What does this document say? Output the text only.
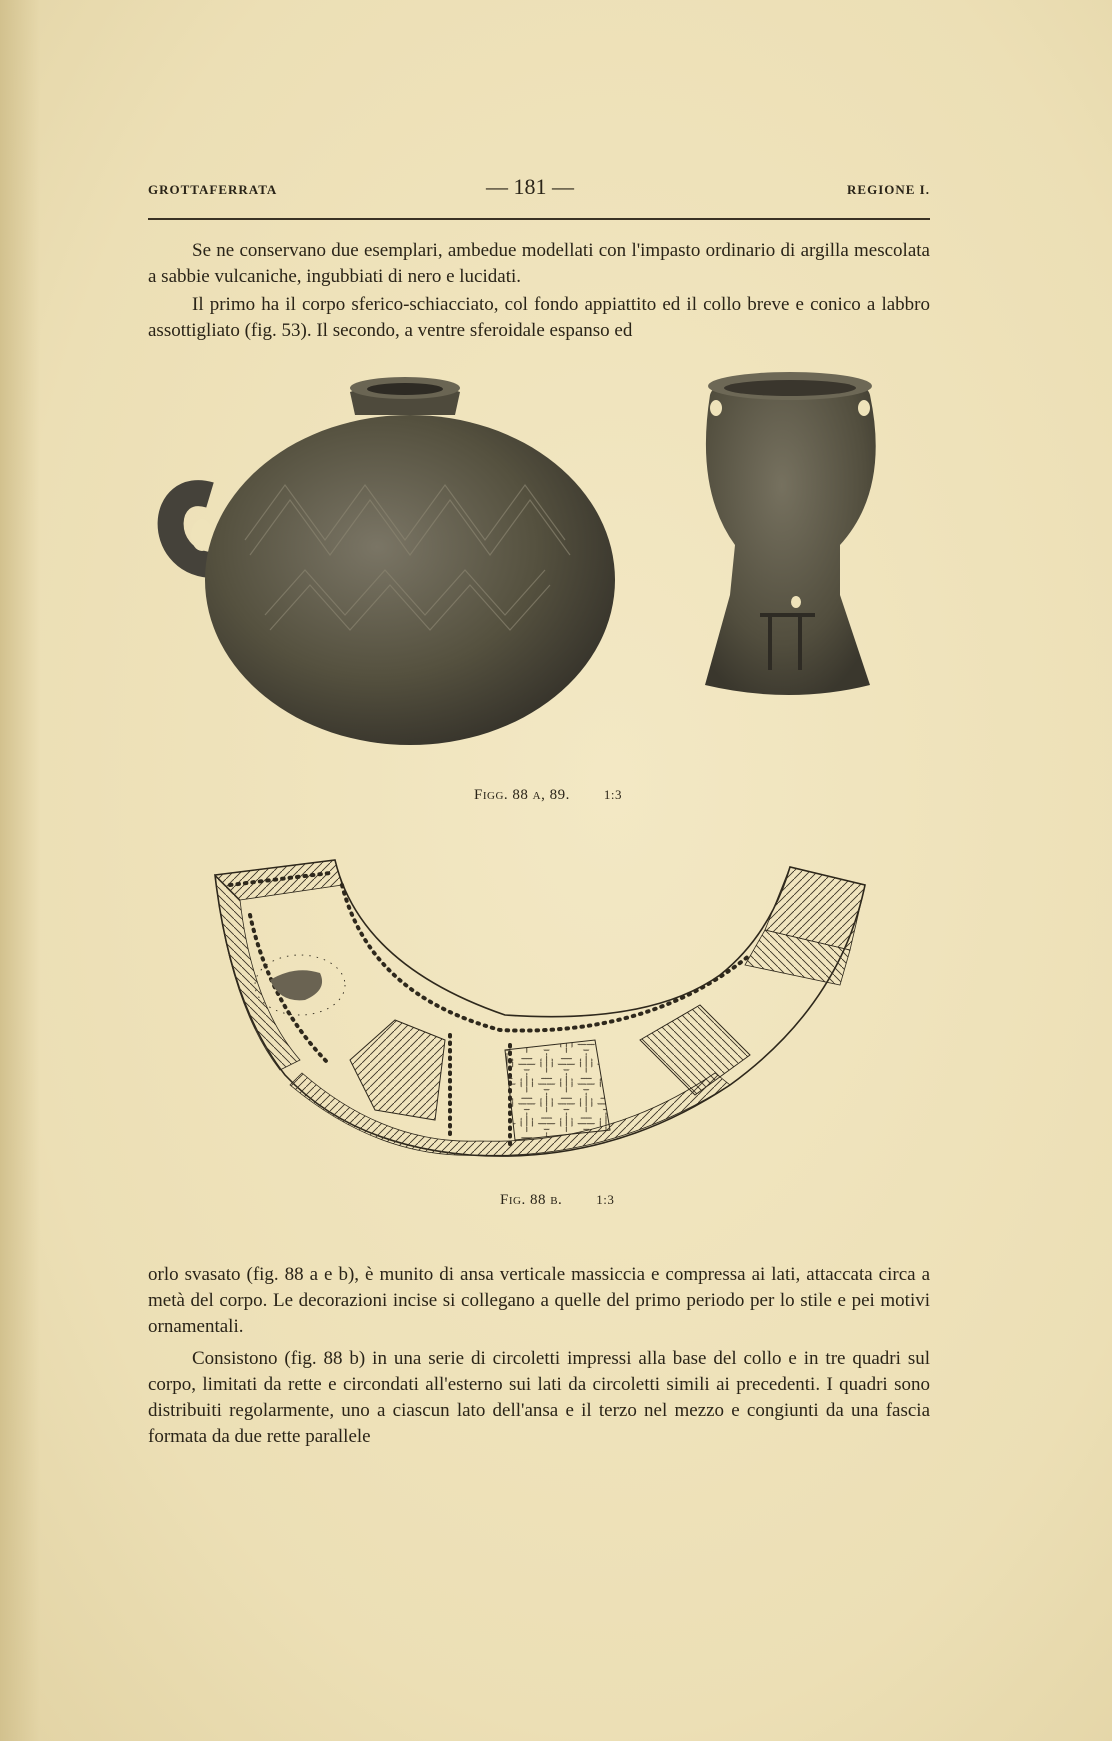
GROTTAFERRATA	— 181 —	REGIONE I.

Se ne conservano due esemplari, ambedue modellati con l'impasto ordinario di argilla mescolata a sabbie vulcaniche, ingubbiati di nero e lucidati.

Il primo ha il corpo sferico-schiacciato, col fondo appiattito ed il collo breve e conico a labbro assottigliato (fig. 53). Il secondo, a ventre sferoidale espanso ed

Figg. 88 a, 89.	1:3
Fig. 88 b.	1:3

orlo svasato (fig. 88 a e b), è munito di ansa verticale massiccia e compressa ai lati, attaccata circa a metà del corpo. Le decorazioni incise si collegano a quelle del primo periodo per lo stile e pei motivi ornamentali.

Consistono (fig. 88 b) in una serie di circoletti impressi alla base del collo e in tre quadri sul corpo, limitati da rette e circondati all'esterno sui lati da circoletti simili ai precedenti. I quadri sono distribuiti regolarmente, uno a ciascun lato dell'ansa e il terzo nel mezzo e congiunti da una fascia formata da due rette parallele
